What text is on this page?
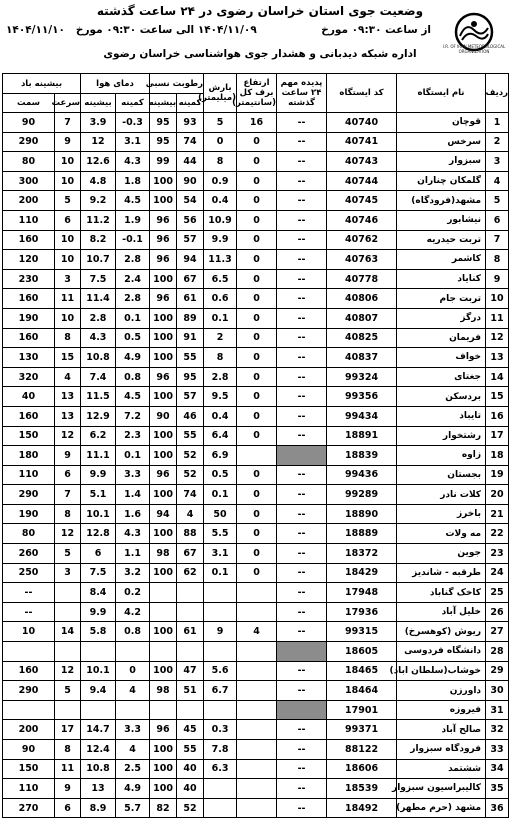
I.R. OF IRAN METEOROLOGICAL ORGANIZATION
وضعیت جوی استان خراسان رضوی در ۲۴ ساعت گذشته
از ساعت ۰۹:۳۰ مورخ
۱۴۰۴/۱۱/۰۹ الی ساعت ۰۹:۳۰ مورخ   ۱۴۰۴/۱۱/۱۰
اداره شبکه دیدبانی و هشدار جوی هواشناسی خراسان رضوی
ردیف	نام ایستگاه	کد ایستگاه	پدیده مهم ۲۴ ساعت گذشته	ارتفاع برف کل
(سانتیمتر)	بارش
(میلیمتر)	رطوبت نسبی		دمای هوا		بیشینه باد	
						کمینه	بیشینه	کمینه	بیشینه	سرعت	سمت
1	قوچان	40740	--	16	5	93	95	-0.3	3.9	7	90
2	سرخس	40741	--	0	0	74	95	3.1	12	9	290
3	سبزوار	40743	--	0	8	44	99	4.3	12.6	10	80
4	گلمکان چناران	40744	--	0	0.9	90	100	1.8	4.8	10	300
5	مشهد(فرودگاه)	40745	--	0	0.4	54	100	4.5	9.2	5	200
6	نیشابور	40746	--	0	10.9	56	96	1.9	11.2	6	110
7	تربت حیدریه	40762	--	0	9.9	57	96	-0.1	8.2	10	160
8	کاشمر	40763	--	0	11.3	94	96	2.8	10.7	10	120
9	کنایاد	40778	--	0	6.5	67	100	2.4	7.5	3	230
10	تربت جام	40806	--	0	0.6	61	96	2.8	11.4	11	160
11	درگز	40807	--	0	0.1	89	100	0.1	2.8	10	190
12	فریمان	40825	--	0	2	91	100	0.5	4.3	8	160
13	خواف	40837	--	0	8	55	100	4.9	10.8	15	130
14	جغتای	99324	--	0	2.8	95	96	0.8	7.4	4	320
15	بردسکن	99356	--	0	9.5	57	100	4.5	11.5	13	40
16	تایباد	99434	--	0	0.4	46	90	7.2	12.9	13	160
17	رشتخوار	18891	--	0	6.4	55	100	2.3	6.2	12	150
18	زاوه	18839			6.9	52	100	0.1	11.1	9	180
19	بجستان	99436	--	0	0.5	52	96	3.3	9.9	6	110
20	کلات نادر	99289	--	0	0.1	74	100	1.4	5.1	7	290
21	باخرز	18890	--	0	50	4	94	1.6	10.1	8	190
22	مه ولات	18889	--	0	5.5	88	100	4.3	12.8	12	80
23	جوین	18372	--	0	3.1	67	98	1.1	6	5	260
24	طرقبه - شاندیز	18429	--	0	0.1	62	100	3.2	7.5	3	250
25	کاخک گناباد	17948	--					0.2	8.4		--
26	خلیل آباد	17936	--					4.2	9.9		--
27	ریوش (کوهسرخ)	99315	--	4	9	61	100	0.8	5.8	14	10
28	دانشگاه فردوسی	18605									
29	خوشاب(سلطان اباد)	18465	--		5.6	47	100	0	10.1	12	160
30	داورزن	18464	--		6.7	51	98	4	9.4	5	290
31	فیروزه	17901									
32	صالح آباد	99371	--		0.3	45	96	3.3	14.7	17	200
33	فرودگاه سبزوار	88122	--		7.8	55	100	4	12.4	8	90
34	ششتمد	18606	--		6.3	40	100	2.5	10.8	11	150
35	کالیبراسیون سبزوار	18539	--			40	100	4.9	13	9	110
36	مشهد (حرم مطهر)	18492	--			52	82	5.7	8.9	6	270
